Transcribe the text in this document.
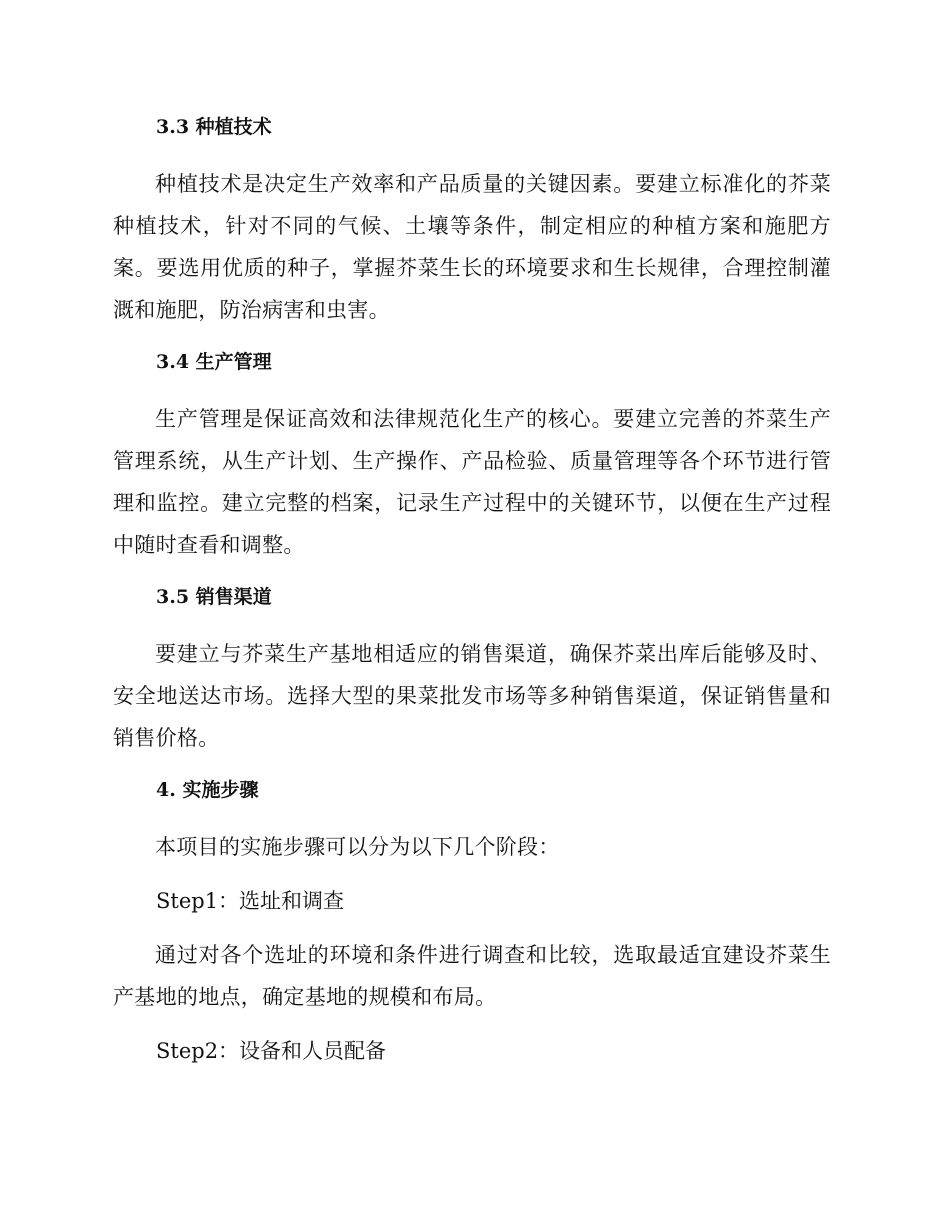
3.3 种植技术

种植技术是决定生产效率和产品质量的关键因素。要建立标准化的芥菜种植技术，针对不同的气候、土壤等条件，制定相应的种植方案和施肥方案。要选用优质的种子，掌握芥菜生长的环境要求和生长规律，合理控制灌溉和施肥，防治病害和虫害。

3.4 生产管理

生产管理是保证高效和法律规范化生产的核心。要建立完善的芥菜生产管理系统，从生产计划、生产操作、产品检验、质量管理等各个环节进行管理和监控。建立完整的档案，记录生产过程中的关键环节，以便在生产过程中随时查看和调整。

3.5 销售渠道

要建立与芥菜生产基地相适应的销售渠道，确保芥菜出库后能够及时、安全地送达市场。选择大型的果菜批发市场等多种销售渠道，保证销售量和销售价格。

4. 实施步骤

本项目的实施步骤可以分为以下几个阶段：

Step1：选址和调查

通过对各个选址的环境和条件进行调查和比较，选取最适宜建设芥菜生产基地的地点，确定基地的规模和布局。

Step2：设备和人员配备
